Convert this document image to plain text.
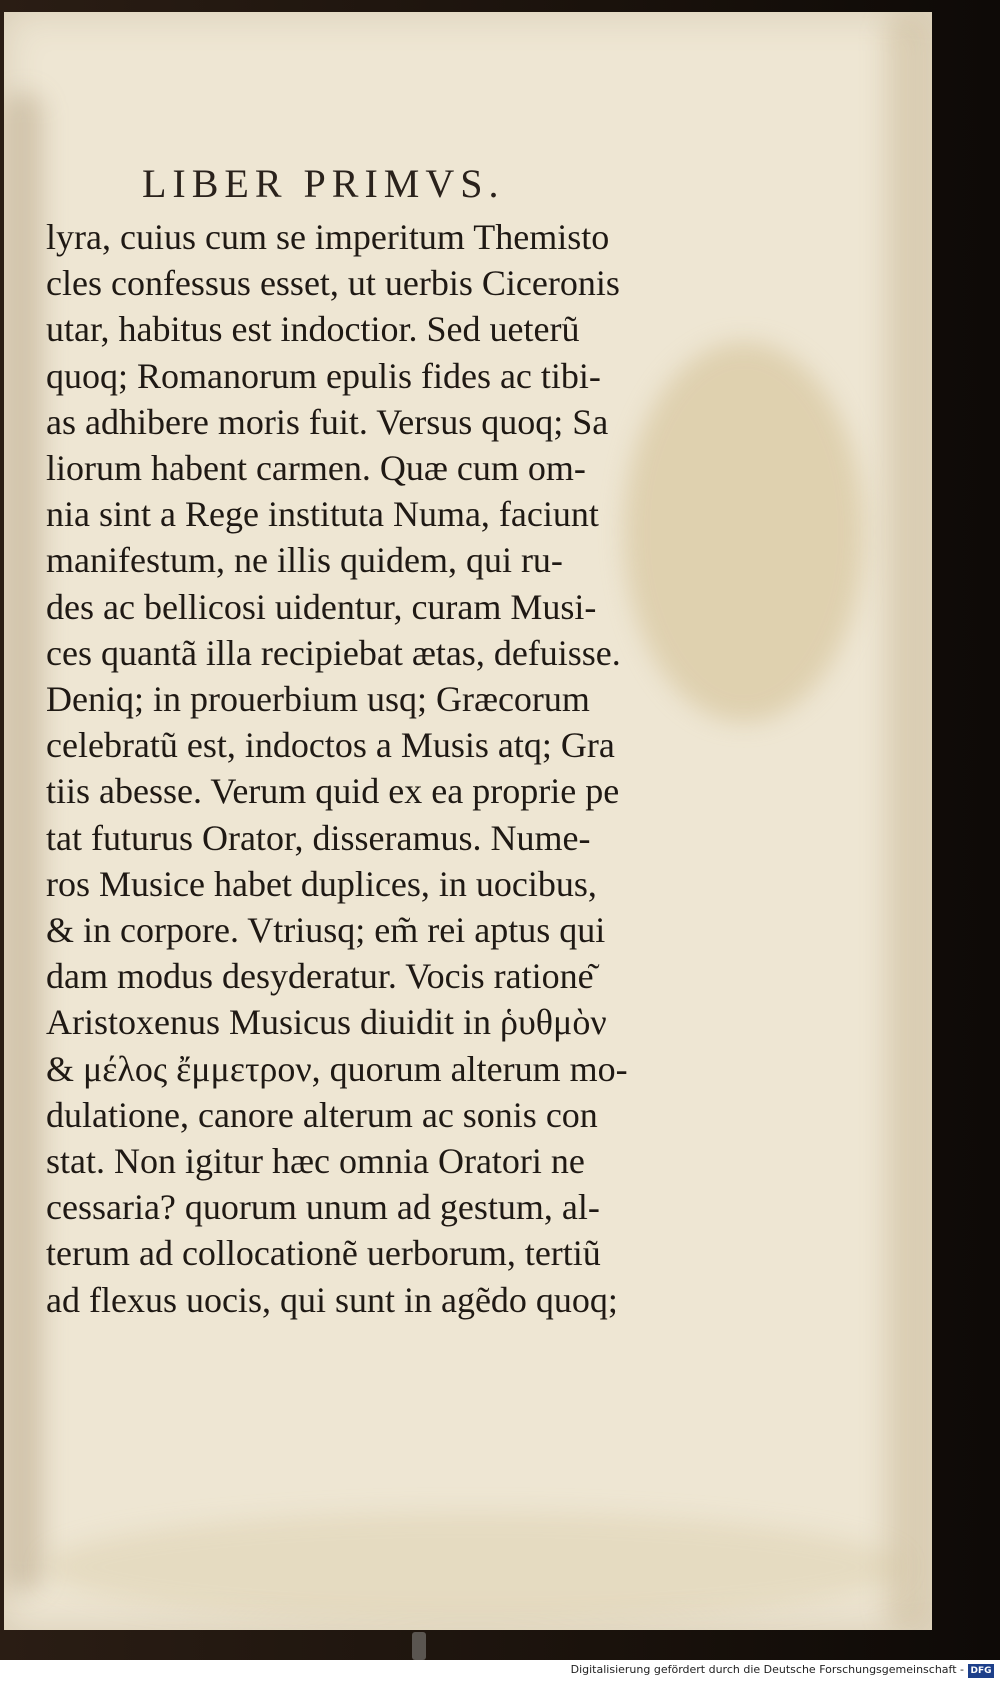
LIBER PRIMVS.
lyra, cuius cum se imperitum Themisto
cles confessus esset, ut uerbis Ciceronis
utar, habitus est indoctior. Sed ueterũ
quoq; Romanorum epulis fides ac tibi-
as adhibere moris fuit. Versus quoq; Sa
liorum habent carmen. Quæ cum om-
nia sint a Rege instituta Numa, faciunt
manifestum, ne illis quidem, qui ru-
des ac bellicosi uidentur, curam Musi-
ces quantã illa recipiebat ætas, defuisse.
Deniq; in prouerbium usq; Græcorum
celebratũ est, indoctos a Musis atq; Gra
tiis abesse. Verum quid ex ea proprie pe
tat futurus Orator, disseramus. Nume-
ros Musice habet duplices, in uocibus,
& in corpore. Vtriusq; em̃ rei aptus qui
dam modus desyderatur. Vocis ratione͂
Aristoxenus Musicus diuidit in ῥυθμὸν
& μέλος ἔμμετρον, quorum alterum mo-
dulatione, canore alterum ac sonis con
stat. Non igitur hæc omnia Oratori ne
cessaria? quorum unum ad gestum, al-
terum ad collocationẽ uerborum, tertiũ
ad flexus uocis, qui sunt in agẽdo quoq;
Digitalisierung gefördert durch die Deutsche Forschungsgemeinschaft - DFG
